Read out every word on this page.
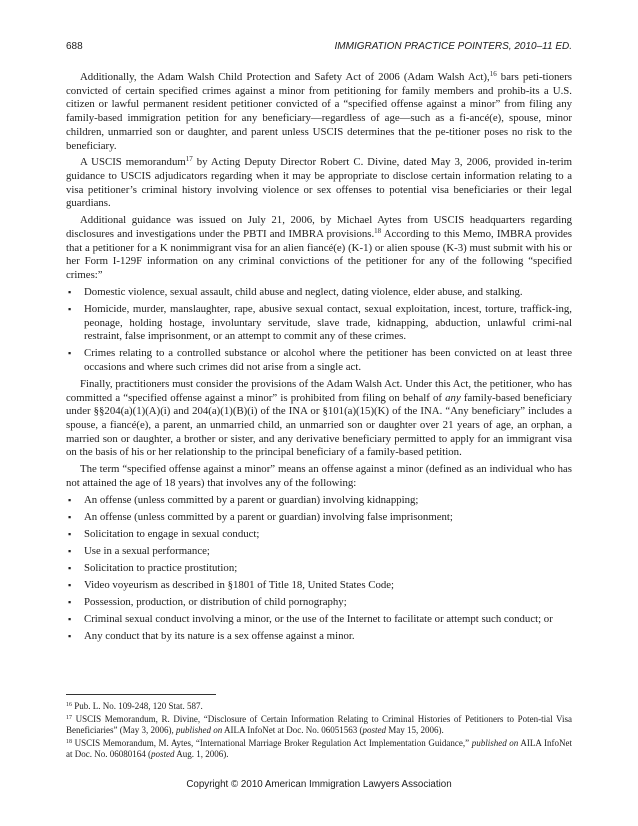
688	IMMIGRATION PRACTICE POINTERS, 2010–11 ED.

Additionally, the Adam Walsh Child Protection and Safety Act of 2006 (Adam Walsh Act),$^{16}$ bars peti-tioners convicted of certain specified crimes against a minor from petitioning for family members and prohib-its a U.S. citizen or lawful permanent resident petitioner convicted of a “specified offense against a minor” from filing any family-based immigration petition for any beneficiary—regardless of age—such as a fi-ancé(e), spouse, minor children, unmarried son or daughter, and parent unless USCIS determines that the pe-titioner poses no risk to the beneficiary.

A USCIS memorandum$^{17}$ by Acting Deputy Director Robert C. Divine, dated May 3, 2006, provided in-terim guidance to USCIS adjudicators regarding when it may be appropriate to disclose certain information relating to a visa petitioner’s criminal history involving violence or sex offenses to potential visa beneficiaries or their legal guardians.

Additional guidance was issued on July 21, 2006, by Michael Aytes from USCIS headquarters regarding disclosures and investigations under the PBTI and IMBRA provisions.$^{18}$ According to this Memo, IMBRA provides that a petitioner for a K nonimmigrant visa for an alien fiancé(e) (K-1) or alien spouse (K-3) must submit with his or her Form I-129F information on any criminal convictions of the petitioner for any of the following “specified crimes:”

▪ Domestic violence, sexual assault, child abuse and neglect, dating violence, elder abuse, and stalking.
▪ Homicide, murder, manslaughter, rape, abusive sexual contact, sexual exploitation, incest, torture, traffick-ing, peonage, holding hostage, involuntary servitude, slave trade, kidnapping, abduction, unlawful crimi-nal restraint, false imprisonment, or an attempt to commit any of these crimes.
▪ Crimes relating to a controlled substance or alcohol where the petitioner has been convicted on at least three occasions and where such crimes did not arise from a single act.

Finally, practitioners must consider the provisions of the Adam Walsh Act. Under this Act, the petitioner, who has committed a “specified offense against a minor” is prohibited from filing on behalf of any family-based beneficiary under §§204(a)(1)(A)(i) and 204(a)(1)(B)(i) of the INA or §101(a)(15)(K) of the INA. “Any beneficiary” includes a spouse, a fiancé(e), a parent, an unmarried child, an unmarried son or daughter over 21 years of age, an orphan, a married son or daughter, a brother or sister, and any derivative beneficiary permitted to apply for an immigrant visa on the basis of his or her relationship to the principal beneficiary of a family-based petition.

The term “specified offense against a minor” means an offense against a minor (defined as an individual who has not attained the age of 18 years) that involves any of the following:

▪ An offense (unless committed by a parent or guardian) involving kidnapping;
▪ An offense (unless committed by a parent or guardian) involving false imprisonment;
▪ Solicitation to engage in sexual conduct;
▪ Use in a sexual performance;
▪ Solicitation to practice prostitution;
▪ Video voyeurism as described in §1801 of Title 18, United States Code;
▪ Possession, production, or distribution of child pornography;
▪ Criminal sexual conduct involving a minor, or the use of the Internet to facilitate or attempt such conduct; or
▪ Any conduct that by its nature is a sex offense against a minor.
$^{16}$ Pub. L. No. 109-248, 120 Stat. 587.
$^{17}$ USCIS Memorandum, R. Divine, “Disclosure of Certain Information Relating to Criminal Histories of Petitioners to Poten-tial Visa Beneficiaries” (May 3, 2006), published on AILA InfoNet at Doc. No. 06051563 (posted May 15, 2006).
$^{18}$ USCIS Memorandum, M. Aytes, “International Marriage Broker Regulation Act Implementation Guidance,” published on AILA InfoNet at Doc. No. 06080164 (posted Aug. 1, 2006).
Copyright © 2010 American Immigration Lawyers Association
